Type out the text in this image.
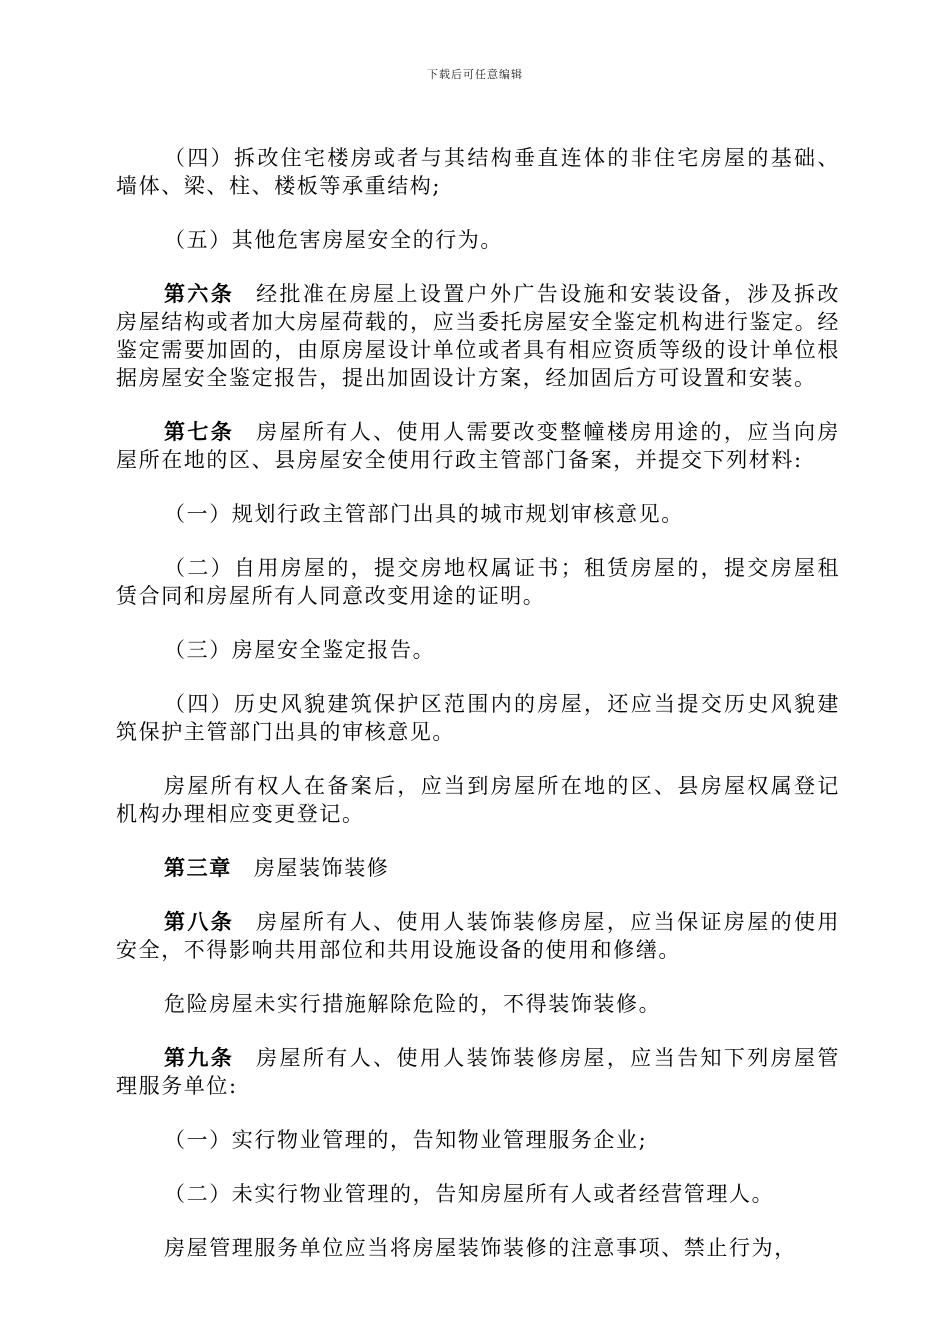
下载后可任意编辑

（四）拆改住宅楼房或者与其结构垂直连体的非住宅房屋的基础、墙体、梁、柱、楼板等承重结构;

（五）其他危害房屋安全的行为。

第六条 经批准在房屋上设置户外广告设施和安装设备，涉及拆改房屋结构或者加大房屋荷载的，应当委托房屋安全鉴定机构进行鉴定。经鉴定需要加固的，由原房屋设计单位或者具有相应资质等级的设计单位根据房屋安全鉴定报告，提出加固设计方案，经加固后方可设置和安装。

第七条 房屋所有人、使用人需要改变整幢楼房用途的，应当向房屋所在地的区、县房屋安全使用行政主管部门备案，并提交下列材料:

（一）规划行政主管部门出具的城市规划审核意见。

（二）自用房屋的，提交房地权属证书；租赁房屋的，提交房屋租赁合同和房屋所有人同意改变用途的证明。

（三）房屋安全鉴定报告。

（四）历史风貌建筑保护区范围内的房屋，还应当提交历史风貌建筑保护主管部门出具的审核意见。

房屋所有权人在备案后，应当到房屋所在地的区、县房屋权属登记机构办理相应变更登记。

第三章 房屋装饰装修

第八条 房屋所有人、使用人装饰装修房屋，应当保证房屋的使用安全，不得影响共用部位和共用设施设备的使用和修缮。

危险房屋未实行措施解除危险的，不得装饰装修。

第九条 房屋所有人、使用人装饰装修房屋，应当告知下列房屋管理服务单位:

（一）实行物业管理的，告知物业管理服务企业;

（二）未实行物业管理的，告知房屋所有人或者经营管理人。

房屋管理服务单位应当将房屋装饰装修的注意事项、禁止行为，
